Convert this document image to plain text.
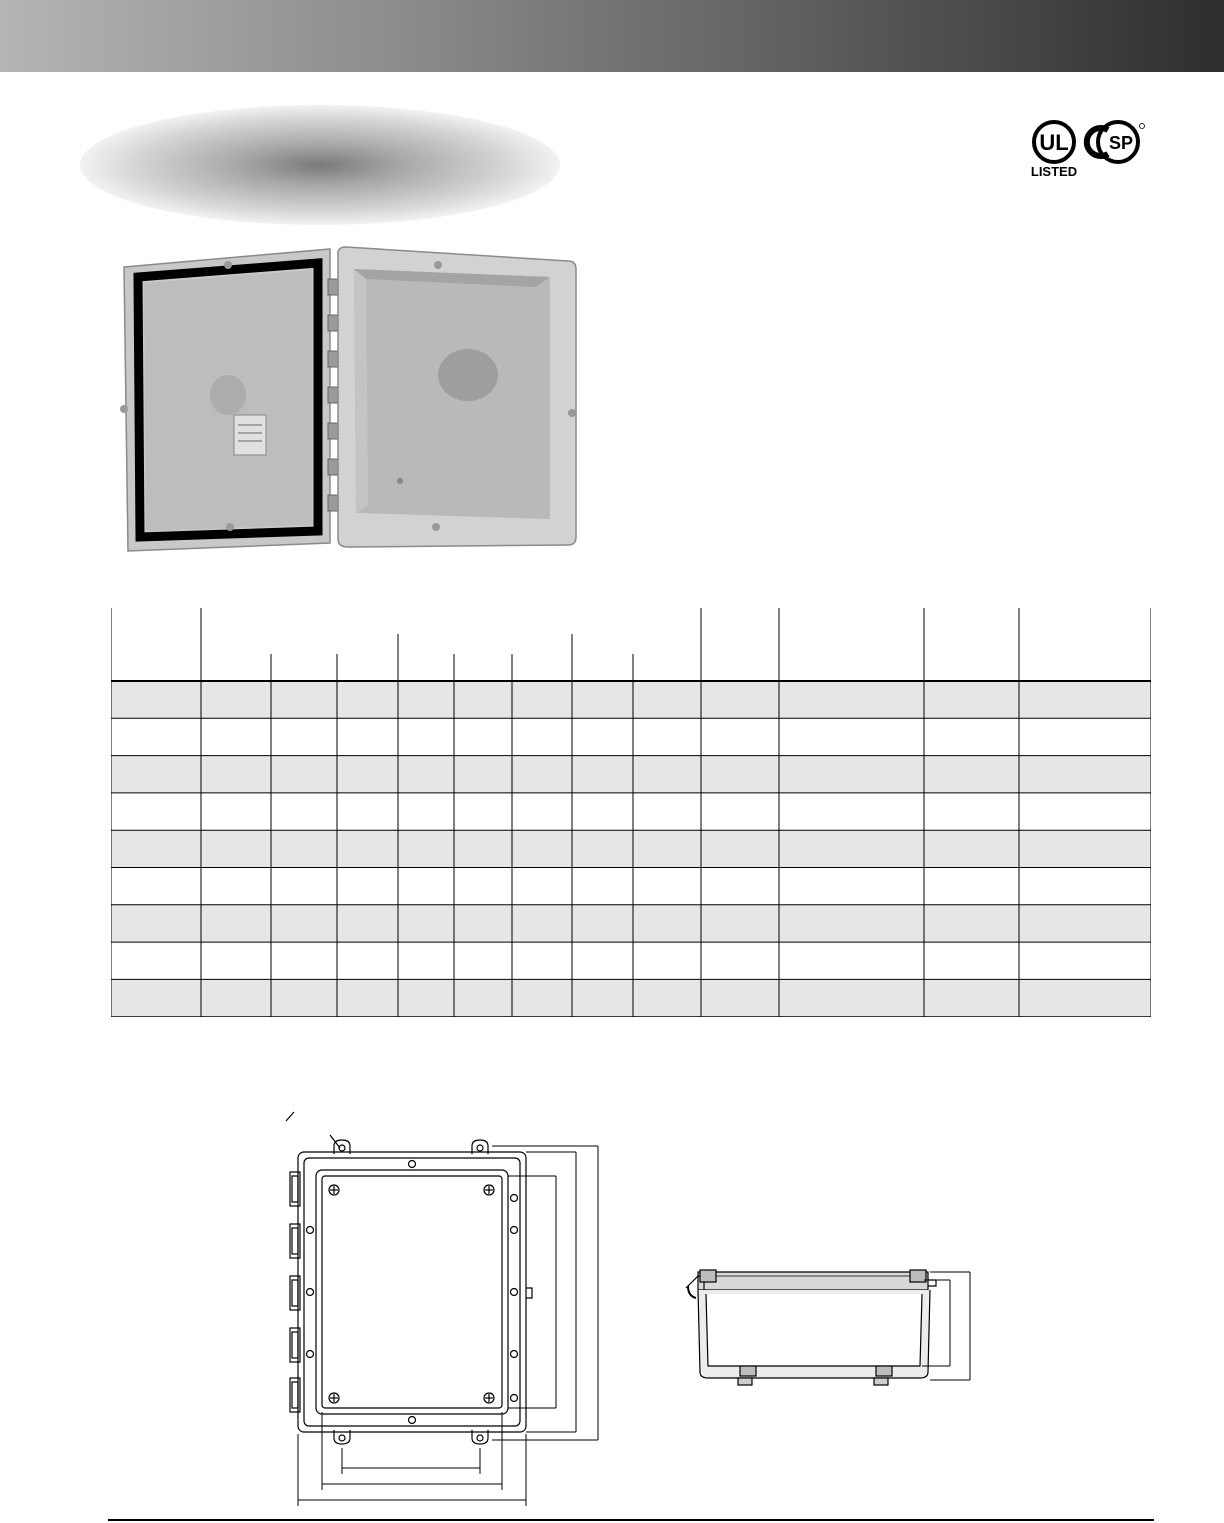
UL
LISTED
SP
